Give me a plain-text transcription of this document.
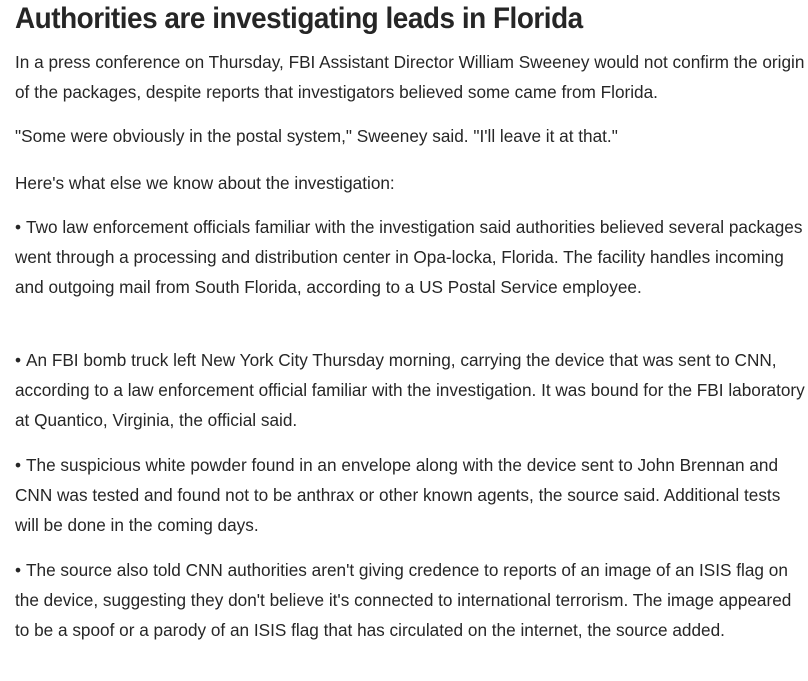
Authorities are investigating leads in Florida

In a press conference on Thursday, FBI Assistant Director William Sweeney would not confirm the origin of the packages, despite reports that investigators believed some came from Florida.

"Some were obviously in the postal system," Sweeney said. "I'll leave it at that."

Here's what else we know about the investigation:

• Two law enforcement officials familiar with the investigation said authorities believed several packages went through a processing and distribution center in Opa-locka, Florida. The facility handles incoming and outgoing mail from South Florida, according to a US Postal Service employee.

• An FBI bomb truck left New York City Thursday morning, carrying the device that was sent to CNN, according to a law enforcement official familiar with the investigation. It was bound for the FBI laboratory at Quantico, Virginia, the official said.

• The suspicious white powder found in an envelope along with the device sent to John Brennan and CNN was tested and found not to be anthrax or other known agents, the source said. Additional tests will be done in the coming days.

• The source also told CNN authorities aren't giving credence to reports of an image of an ISIS flag on the device, suggesting they don't believe it's connected to international terrorism. The image appeared to be a spoof or a parody of an ISIS flag that has circulated on the internet, the source added.
